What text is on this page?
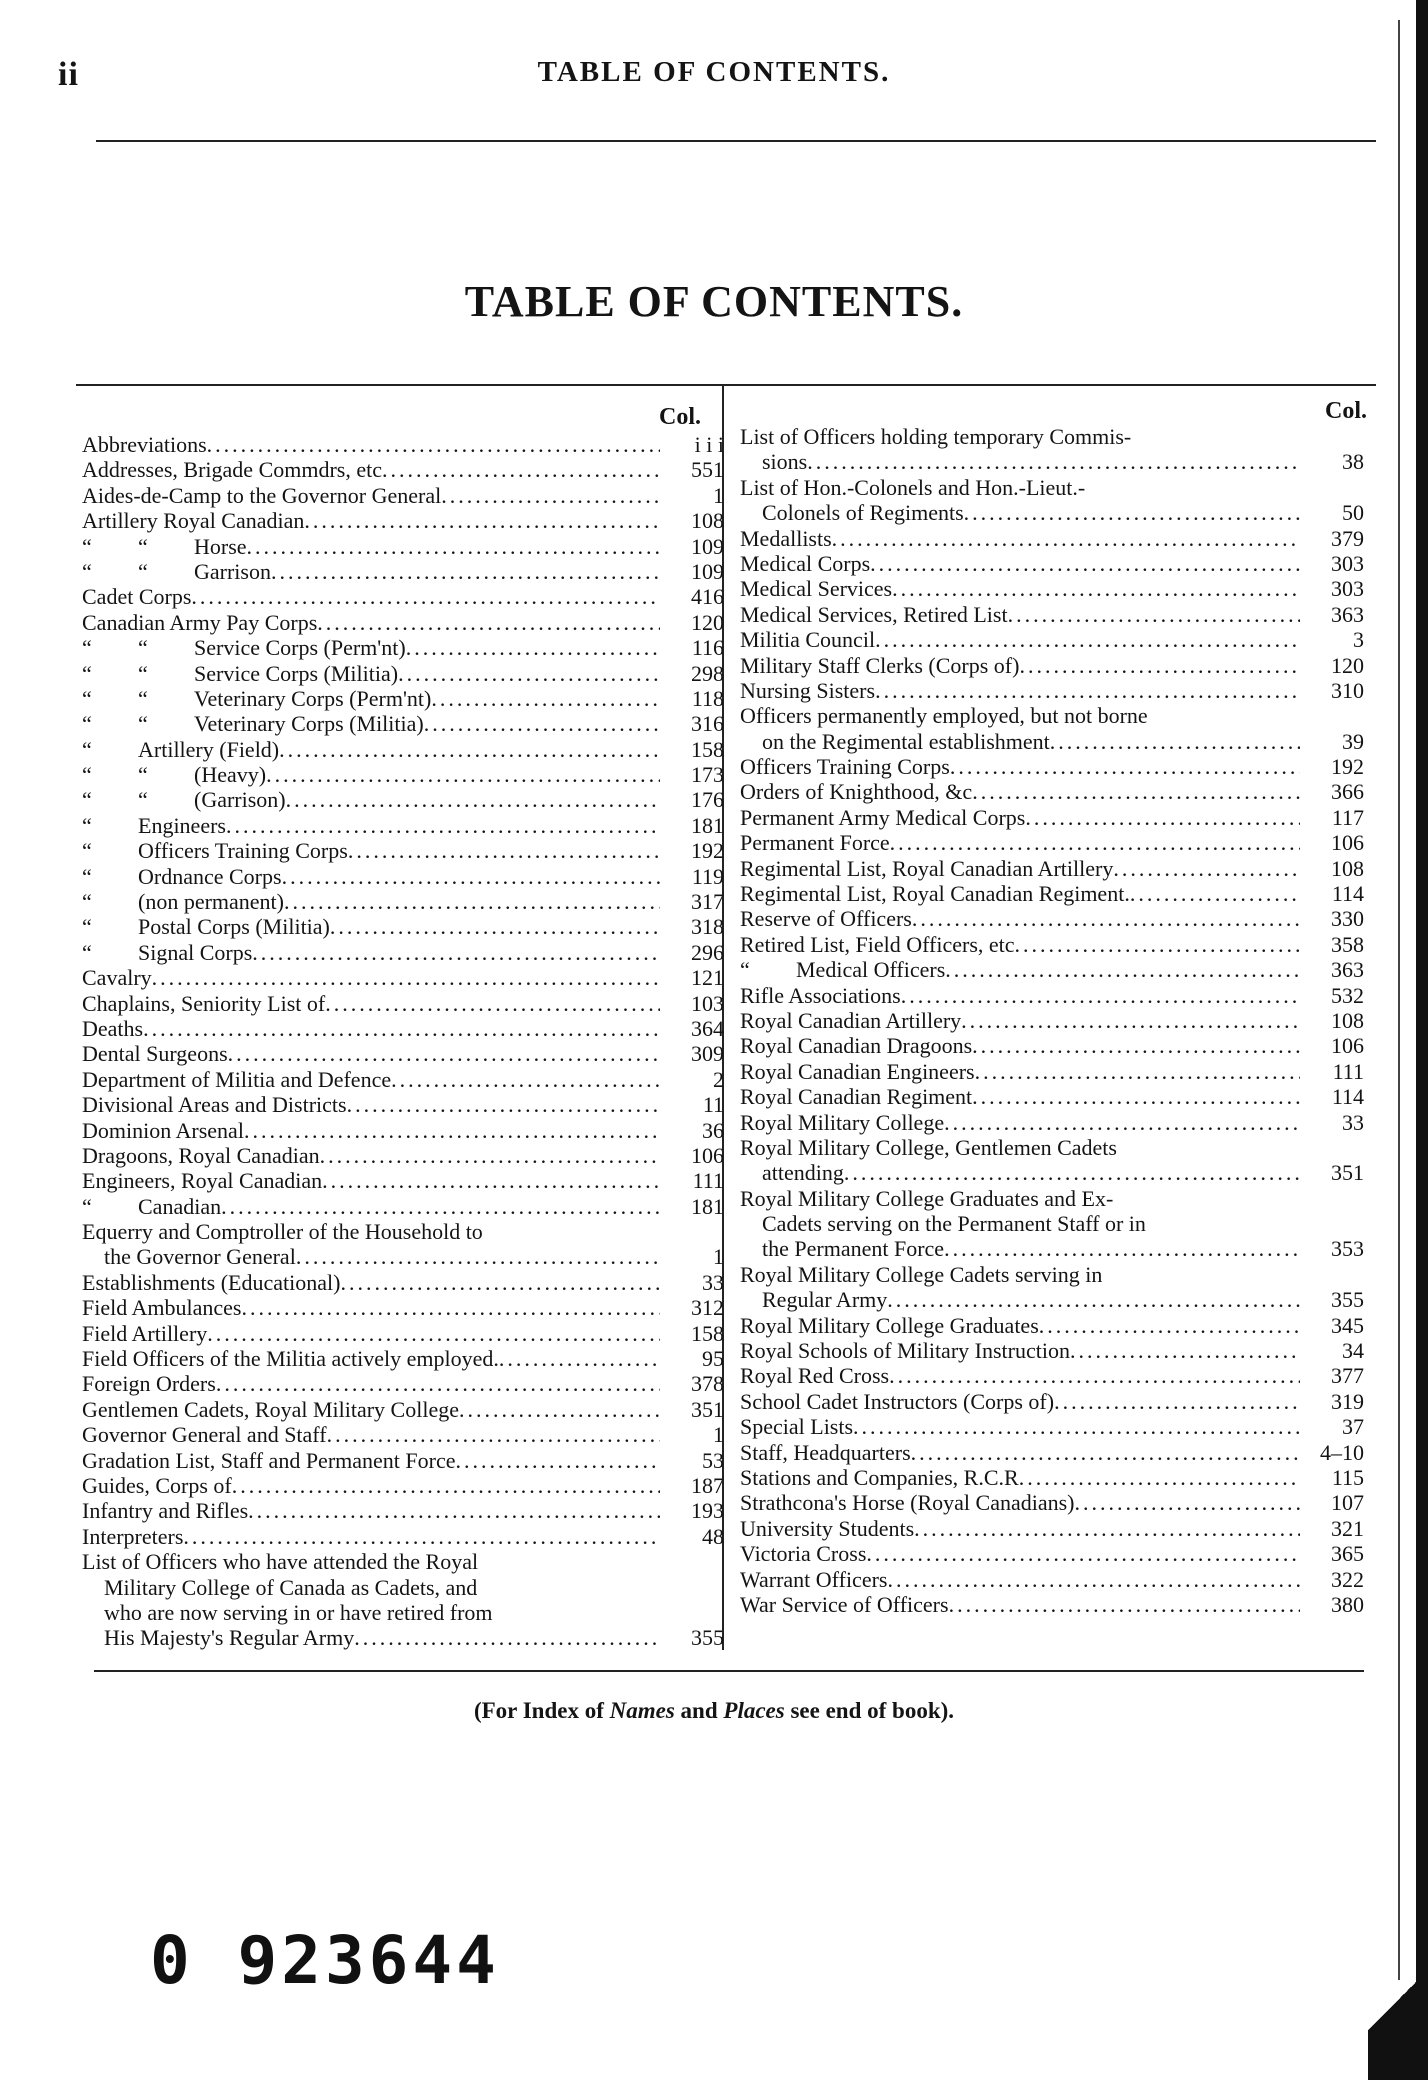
ii	TABLE OF CONTENTS.
TABLE OF CONTENTS.
Col.	Col.
Abbreviations .....	i i i
Addresses, Brigade Commdrs, etc .....	551
Aides-de-Camp to the Governor General .....	1
Artillery Royal Canadian .....	108
“ “ Horse .....	109
“ “ Garrison .....	109
Cadet Corps .....	416
Canadian Army Pay Corps .....	120
“ “ Service Corps (Perm'nt) .....	116
“ “ Service Corps (Militia) .....	298
“ “ Veterinary Corps (Perm'nt) .....	118
“ “ Veterinary Corps (Militia) .....	316
“ Artillery (Field) .....	158
“ “ (Heavy) .....	173
“ “ (Garrison) .....	176
“ Engineers .....	181
“ Officers Training Corps .....	192
“ Ordnance Corps .....	119
“ (non permanent) .....	317
“ Postal Corps (Militia) .....	318
“ Signal Corps .....	296
Cavalry .....	121
Chaplains, Seniority List of .....	103
Deaths .....	364
Dental Surgeons .....	309
Department of Militia and Defence .....	2
Divisional Areas and Districts .....	11
Dominion Arsenal .....	36
Dragoons, Royal Canadian .....	106
Engineers, Royal Canadian .....	111
“ Canadian .....	181
Equerry and Comptroller of the Household to
the Governor General .....	1
Establishments (Educational) .....	33
Field Ambulances .....	312
Field Artillery .....	158
Field Officers of the Militia actively employed. .....	95
Foreign Orders .....	378
Gentlemen Cadets, Royal Military College .....	351
Governor General and Staff .....	1
Gradation List, Staff and Permanent Force .....	53
Guides, Corps of .....	187
Infantry and Rifles .....	193
Interpreters .....	48
List of Officers who have attended the Royal
Military College of Canada as Cadets, and
who are now serving in or have retired from
His Majesty's Regular Army .....	355
List of Officers holding temporary Commis-
sions .....	38
List of Hon.-Colonels and Hon.-Lieut.-
Colonels of Regiments .....	50
Medallists .....	379
Medical Corps .....	303
Medical Services .....	303
Medical Services, Retired List .....	363
Militia Council .....	3
Military Staff Clerks (Corps of) .....	120
Nursing Sisters .....	310
Officers permanently employed, but not borne
on the Regimental establishment .....	39
Officers Training Corps .....	192
Orders of Knighthood, &c .....	366
Permanent Army Medical Corps .....	117
Permanent Force .....	106
Regimental List, Royal Canadian Artillery .....	108
Regimental List, Royal Canadian Regiment. .....	114
Reserve of Officers .....	330
Retired List, Field Officers, etc .....	358
“ Medical Officers .....	363
Rifle Associations .....	532
Royal Canadian Artillery .....	108
Royal Canadian Dragoons .....	106
Royal Canadian Engineers .....	111
Royal Canadian Regiment .....	114
Royal Military College .....	33
Royal Military College, Gentlemen Cadets
attending .....	351
Royal Military College Graduates and Ex-
Cadets serving on the Permanent Staff or in
the Permanent Force .....	353
Royal Military College Cadets serving in
Regular Army .....	355
Royal Military College Graduates .....	345
Royal Schools of Military Instruction .....	34
Royal Red Cross .....	377
School Cadet Instructors (Corps of) .....	319
Special Lists .....	37
Staff, Headquarters .....	4–10
Stations and Companies, R.C.R .....	115
Strathcona's Horse (Royal Canadians) .....	107
University Students .....	321
Victoria Cross .....	365
Warrant Officers .....	322
War Service of Officers .....	380
(For Index of Names and Places see end of book).
0 923644
